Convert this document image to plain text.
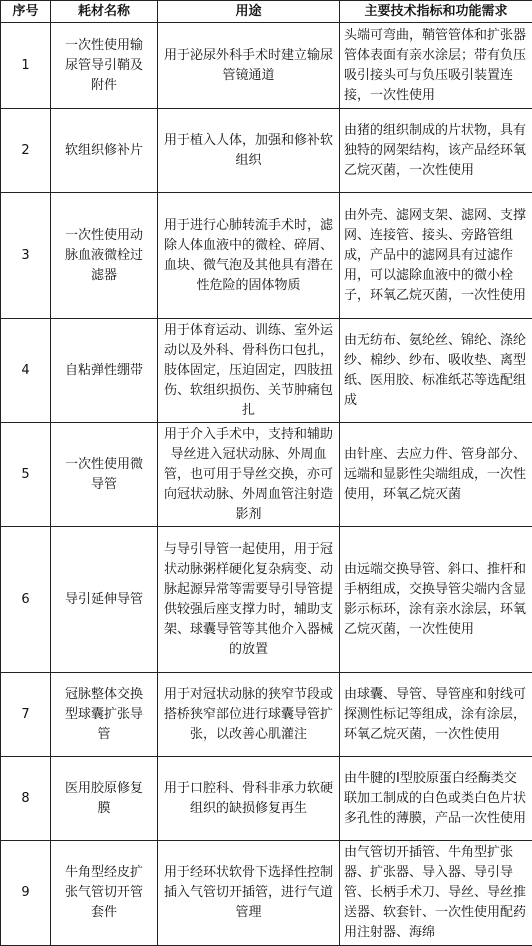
序号	耗材名称	用途	主要技术指标和功能需求
1	一次性使用输尿管导引鞘及附件	用于泌尿外科手术时建立输尿管镜通道	头端可弯曲，鞘管管体和扩张器管体表面有亲水涂层；带有负压吸引接头可与负压吸引装置连接，一次性使用
2	软组织修补片	用于植入人体，加强和修补软组织	由猪的组织制成的片状物，具有独特的网架结构，该产品经环氧乙烷灭菌，一次性使用
3	一次性使用动脉血液微栓过滤器	用于进行心肺转流手术时，滤除人体血液中的微栓、碎屑、血块、微气泡及其他具有潜在性危险的固体物质	由外壳、滤网支架、滤网、支撑网、连接管、接头、旁路管组成，产品中的滤网具有过滤作用，可以滤除血液中的微小栓子，环氧乙烷灭菌，一次性使用
4	自粘弹性绷带	用于体育运动、训练、室外运动以及外科、骨科伤口包扎，肢体固定，压迫固定，四肢扭伤、软组织损伤、关节肿痛包扎	由无纺布、氨纶丝、锦纶、涤纶纱、棉纱、纱布、吸收垫、离型纸、医用胶、标准纸芯等选配组成
5	一次性使用微导管	用于介入手术中，支持和辅助导丝进入冠状动脉、外周血管，也可用于导丝交换，亦可向冠状动脉、外周血管注射造影剂	由针座、去应力件、管身部分、远端和显影性尖端组成，一次性使用，环氧乙烷灭菌
6	导引延伸导管	与导引导管一起使用，用于冠状动脉粥样硬化复杂病变、动脉起源异常等需要导引导管提供较强后座支撑力时，辅助支架、球囊导管等其他介入器械的放置	由远端交换导管、斜口、推杆和手柄组成，交换导管尖端内含显影示标环，涂有亲水涂层，环氧乙烷灭菌，一次性使用
7	冠脉整体交换型球囊扩张导管	用于对冠状动脉的狭窄节段或搭桥狭窄部位进行球囊导管扩张，以改善心肌灌注	由球囊、导管、导管座和射线可探测性标记等组成，涂有涂层，环氧乙烷灭菌，一次性使用
8	医用胶原修复膜	用于口腔科、骨科非承力软硬组织的缺损修复再生	由牛腱的Ⅰ型胶原蛋白经酶类交联加工制成的白色或类白色片状多孔性的薄膜，产品一次性使用
9	牛角型经皮扩张气管切开管套件	用于经环状软骨下选择性控制插入气管切开插管，进行气道管理	由气管切开插管、牛角型扩张器、扩张器、导入器、导引导管、长柄手术刀、导丝、导丝推送器、软套针、一次性使用配药用注射器、海绵
